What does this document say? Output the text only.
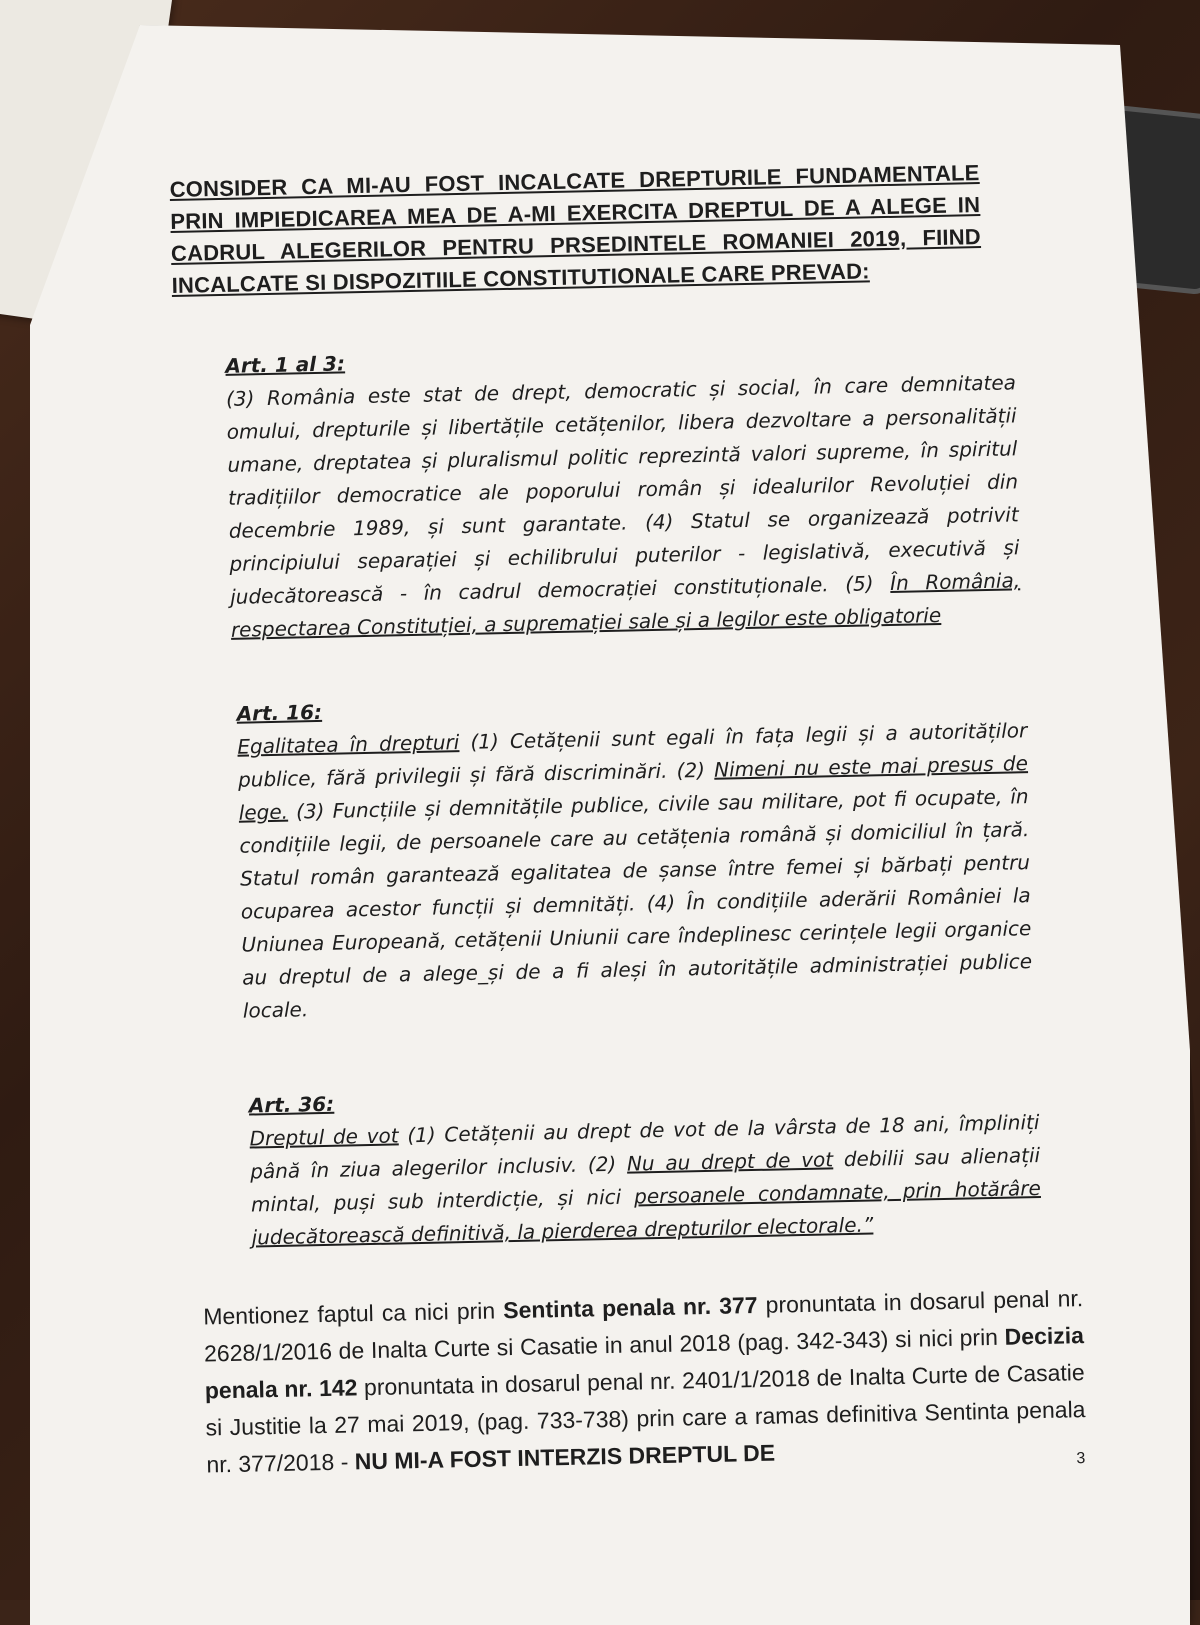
CONSIDER CA MI-AU FOST INCALCATE DREPTURILE FUNDAMENTALE PRIN IMPIEDICAREA MEA DE A-MI EXERCITA DREPTUL DE A ALEGE IN CADRUL ALEGERILOR PENTRU PRSEDINTELE ROMANIEI 2019, FIIND INCALCATE SI DISPOZITIILE CONSTITUTIONALE CARE PREVAD:
Art. 1 al 3:
(3) România este stat de drept, democratic și social, în care demnitatea omului, drepturile și libertățile cetățenilor, libera dezvoltare a personalității umane, dreptatea și pluralismul politic reprezintă valori supreme, în spiritul tradițiilor democratice ale poporului român și idealurilor Revoluției din decembrie 1989, și sunt garantate. (4) Statul se organizează potrivit principiului separației și echilibrului puterilor - legislativă, executivă și judecătorească - în cadrul democrației constituționale. (5) În România, respectarea Constituției, a supremației sale și a legilor este obligatorie
Art. 16:
Egalitatea în drepturi (1) Cetățenii sunt egali în fața legii și a autorităților publice, fără privilegii și fără discriminări. (2) Nimeni nu este mai presus de lege. (3) Funcțiile și demnitățile publice, civile sau militare, pot fi ocupate, în condițiile legii, de persoanele care au cetățenia română și domiciliul în țară. Statul român garantează egalitatea de șanse între femei și bărbați pentru ocuparea acestor funcții și demnități. (4) În condițiile aderării României la Uniunea Europeană, cetățenii Uniunii care îndeplinesc cerințele legii organice au dreptul de a alege_și de a fi aleși în autoritățile administrației publice locale.
Art. 36:
Dreptul de vot (1) Cetățenii au drept de vot de la vârsta de 18 ani, împliniți până în ziua alegerilor inclusiv. (2) Nu au drept de vot debilii sau alienații mintal, puși sub interdicție, și nici persoanele condamnate, prin hotărâre judecătorească definitivă, la pierderea drepturilor electorale.”
Mentionez faptul ca nici prin Sentinta penala nr. 377 pronuntata in dosarul penal nr. 2628/1/2016 de Inalta Curte si Casatie in anul 2018 (pag. 342-343) si nici prin Decizia penala nr. 142 pronuntata in dosarul penal nr. 2401/1/2018 de Inalta Curte de Casatie si Justitie la 27 mai 2019, (pag. 733-738) prin care a ramas definitiva Sentinta penala nr. 377/2018 - NU MI-A FOST INTERZIS DREPTUL DE	3
